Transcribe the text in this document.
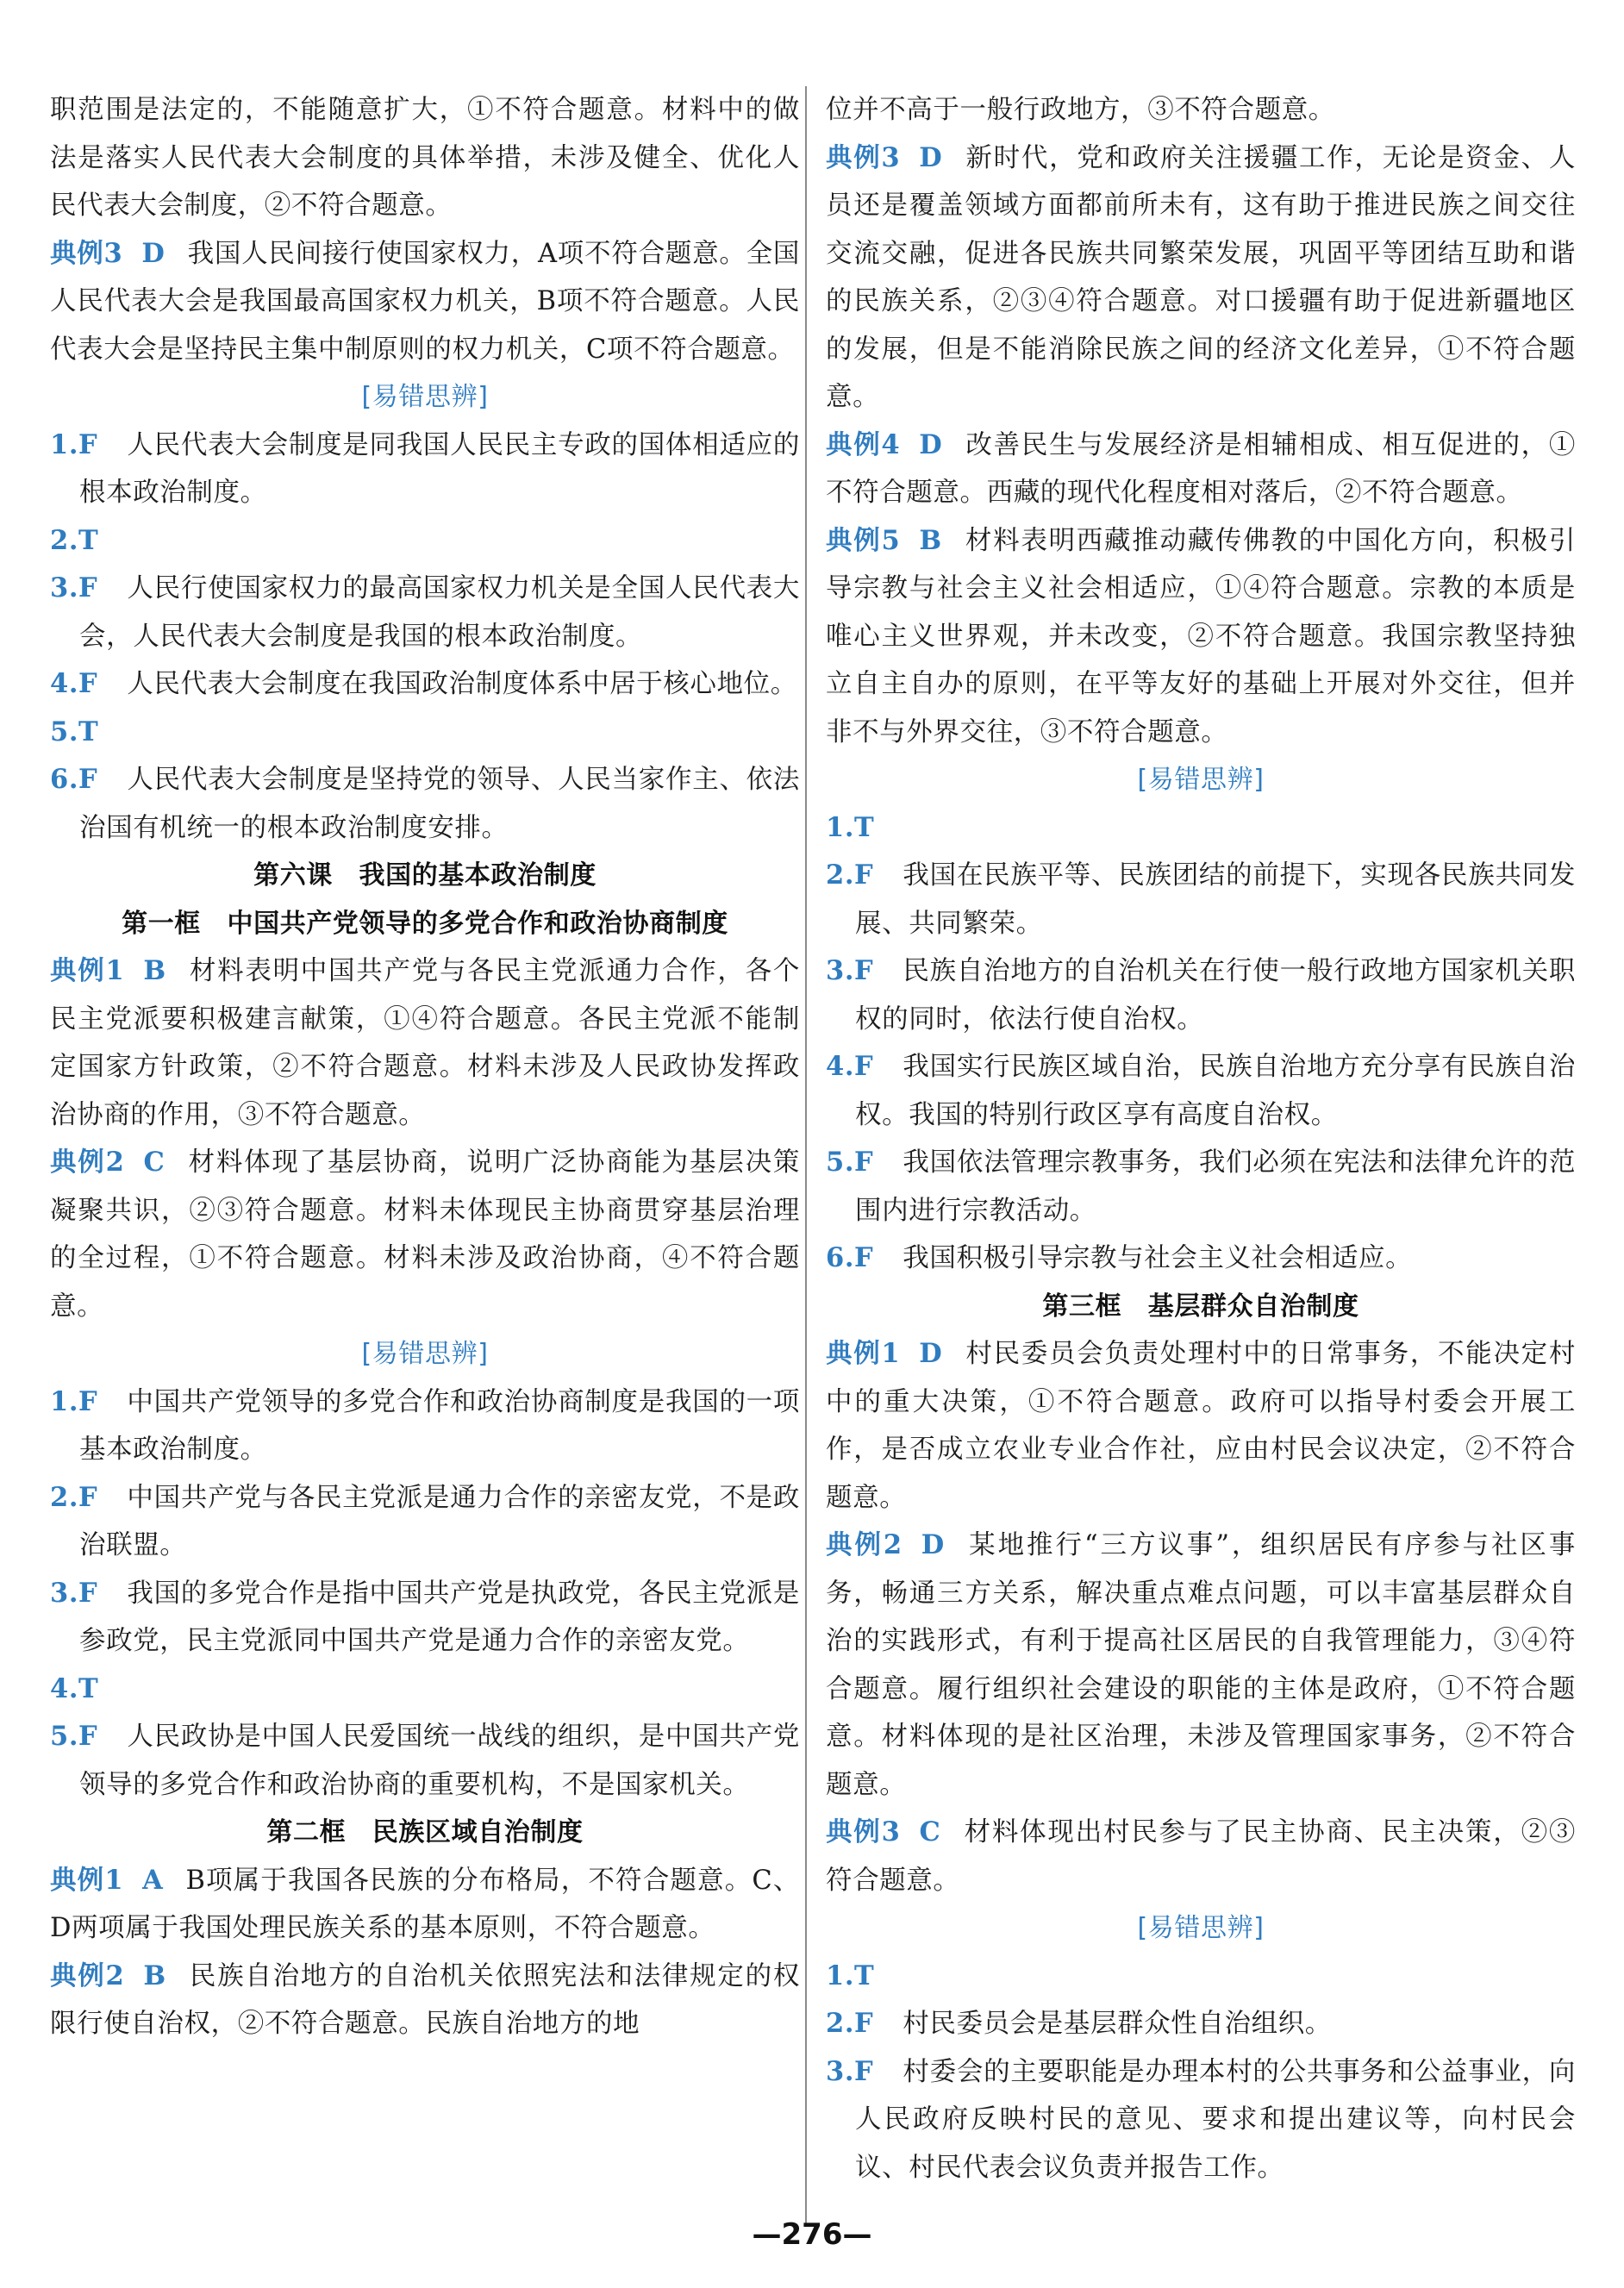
职范围是法定的，不能随意扩大，①不符合题意。材料中的做法是落实人民代表大会制度的具体举措，未涉及健全、优化人民代表大会制度，②不符合题意。
典例3 D 我国人民间接行使国家权力，A项不符合题意。全国人民代表大会是我国最高国家权力机关，B项不符合题意。人民代表大会是坚持民主集中制原则的权力机关，C项不符合题意。
[易错思辨]
1.F 人民代表大会制度是同我国人民民主专政的国体相适应的根本政治制度。
2.T
3.F 人民行使国家权力的最高国家权力机关是全国人民代表大会，人民代表大会制度是我国的根本政治制度。
4.F 人民代表大会制度在我国政治制度体系中居于核心地位。
5.T
6.F 人民代表大会制度是坚持党的领导、人民当家作主、依法治国有机统一的根本政治制度安排。
第六课　我国的基本政治制度
第一框　中国共产党领导的多党合作和政治协商制度
典例1 B 材料表明中国共产党与各民主党派通力合作，各个民主党派要积极建言献策，①④符合题意。各民主党派不能制定国家方针政策，②不符合题意。材料未涉及人民政协发挥政治协商的作用，③不符合题意。
典例2 C 材料体现了基层协商，说明广泛协商能为基层决策凝聚共识，②③符合题意。材料未体现民主协商贯穿基层治理的全过程，①不符合题意。材料未涉及政治协商，④不符合题意。
[易错思辨]
1.F 中国共产党领导的多党合作和政治协商制度是我国的一项基本政治制度。
2.F 中国共产党与各民主党派是通力合作的亲密友党，不是政治联盟。
3.F 我国的多党合作是指中国共产党是执政党，各民主党派是参政党，民主党派同中国共产党是通力合作的亲密友党。
4.T
5.F 人民政协是中国人民爱国统一战线的组织，是中国共产党领导的多党合作和政治协商的重要机构，不是国家机关。
第二框　民族区域自治制度
典例1 A B项属于我国各民族的分布格局，不符合题意。C、D两项属于我国处理民族关系的基本原则，不符合题意。
典例2 B 民族自治地方的自治机关依照宪法和法律规定的权限行使自治权，②不符合题意。民族自治地方的地
位并不高于一般行政地方，③不符合题意。
典例3 D 新时代，党和政府关注援疆工作，无论是资金、人员还是覆盖领域方面都前所未有，这有助于推进民族之间交往交流交融，促进各民族共同繁荣发展，巩固平等团结互助和谐的民族关系，②③④符合题意。对口援疆有助于促进新疆地区的发展，但是不能消除民族之间的经济文化差异，①不符合题意。
典例4 D 改善民生与发展经济是相辅相成、相互促进的，①不符合题意。西藏的现代化程度相对落后，②不符合题意。
典例5 B 材料表明西藏推动藏传佛教的中国化方向，积极引导宗教与社会主义社会相适应，①④符合题意。宗教的本质是唯心主义世界观，并未改变，②不符合题意。我国宗教坚持独立自主自办的原则，在平等友好的基础上开展对外交往，但并非不与外界交往，③不符合题意。
[易错思辨]
1.T
2.F 我国在民族平等、民族团结的前提下，实现各民族共同发展、共同繁荣。
3.F 民族自治地方的自治机关在行使一般行政地方国家机关职权的同时，依法行使自治权。
4.F 我国实行民族区域自治，民族自治地方充分享有民族自治权。我国的特别行政区享有高度自治权。
5.F 我国依法管理宗教事务，我们必须在宪法和法律允许的范围内进行宗教活动。
6.F 我国积极引导宗教与社会主义社会相适应。
第三框　基层群众自治制度
典例1 D 村民委员会负责处理村中的日常事务，不能决定村中的重大决策，①不符合题意。政府可以指导村委会开展工作，是否成立农业专业合作社，应由村民会议决定，②不符合题意。
典例2 D 某地推行“三方议事”，组织居民有序参与社区事务，畅通三方关系，解决重点难点问题，可以丰富基层群众自治的实践形式，有利于提高社区居民的自我管理能力，③④符合题意。履行组织社会建设的职能的主体是政府，①不符合题意。材料体现的是社区治理，未涉及管理国家事务，②不符合题意。
典例3 C 材料体现出村民参与了民主协商、民主决策，②③符合题意。
[易错思辨]
1.T
2.F 村民委员会是基层群众性自治组织。
3.F 村委会的主要职能是办理本村的公共事务和公益事业，向人民政府反映村民的意见、要求和提出建议等，向村民会议、村民代表会议负责并报告工作。
—276—
